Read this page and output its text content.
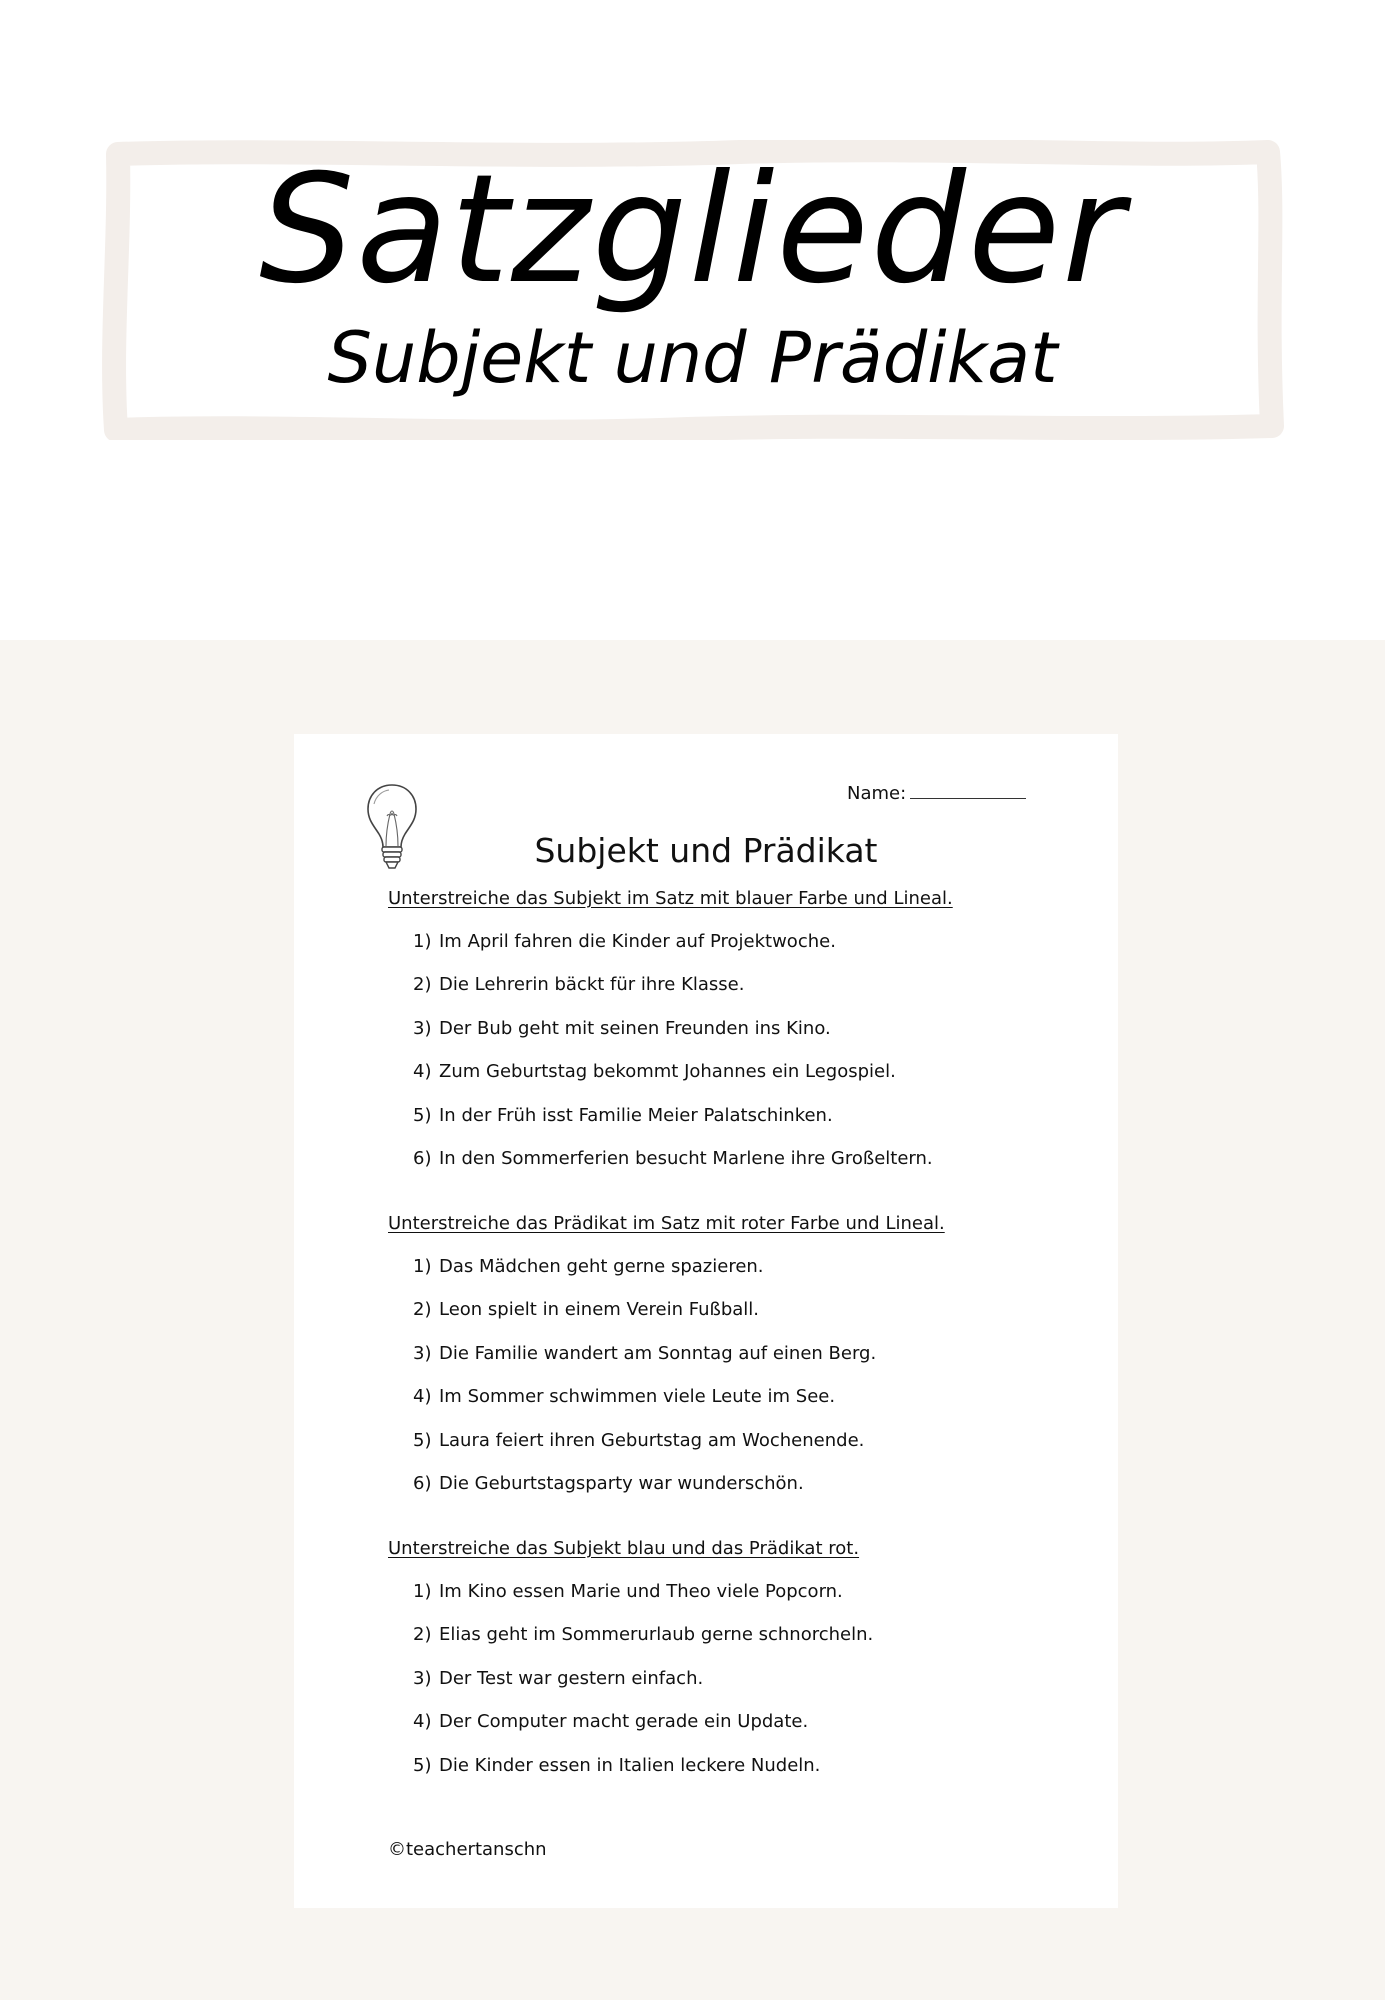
Satzglieder
Subjekt und Prädikat
Name:
Subjekt und Prädikat

Unterstreiche das Subjekt im Satz mit blauer Farbe und Lineal.

1) Im April fahren die Kinder auf Projektwoche.
2) Die Lehrerin bäckt für ihre Klasse.
3) Der Bub geht mit seinen Freunden ins Kino.
4) Zum Geburtstag bekommt Johannes ein Legospiel.
5) In der Früh isst Familie Meier Palatschinken.
6) In den Sommerferien besucht Marlene ihre Großeltern.

Unterstreiche das Prädikat im Satz mit roter Farbe und Lineal.

1) Das Mädchen geht gerne spazieren.
2) Leon spielt in einem Verein Fußball.
3) Die Familie wandert am Sonntag auf einen Berg.
4) Im Sommer schwimmen viele Leute im See.
5) Laura feiert ihren Geburtstag am Wochenende.
6) Die Geburtstagsparty war wunderschön.

Unterstreiche das Subjekt blau und das Prädikat rot.

1) Im Kino essen Marie und Theo viele Popcorn.
2) Elias geht im Sommerurlaub gerne schnorcheln.
3) Der Test war gestern einfach.
4) Der Computer macht gerade ein Update.
5) Die Kinder essen in Italien leckere Nudeln.
©teachertanschn
